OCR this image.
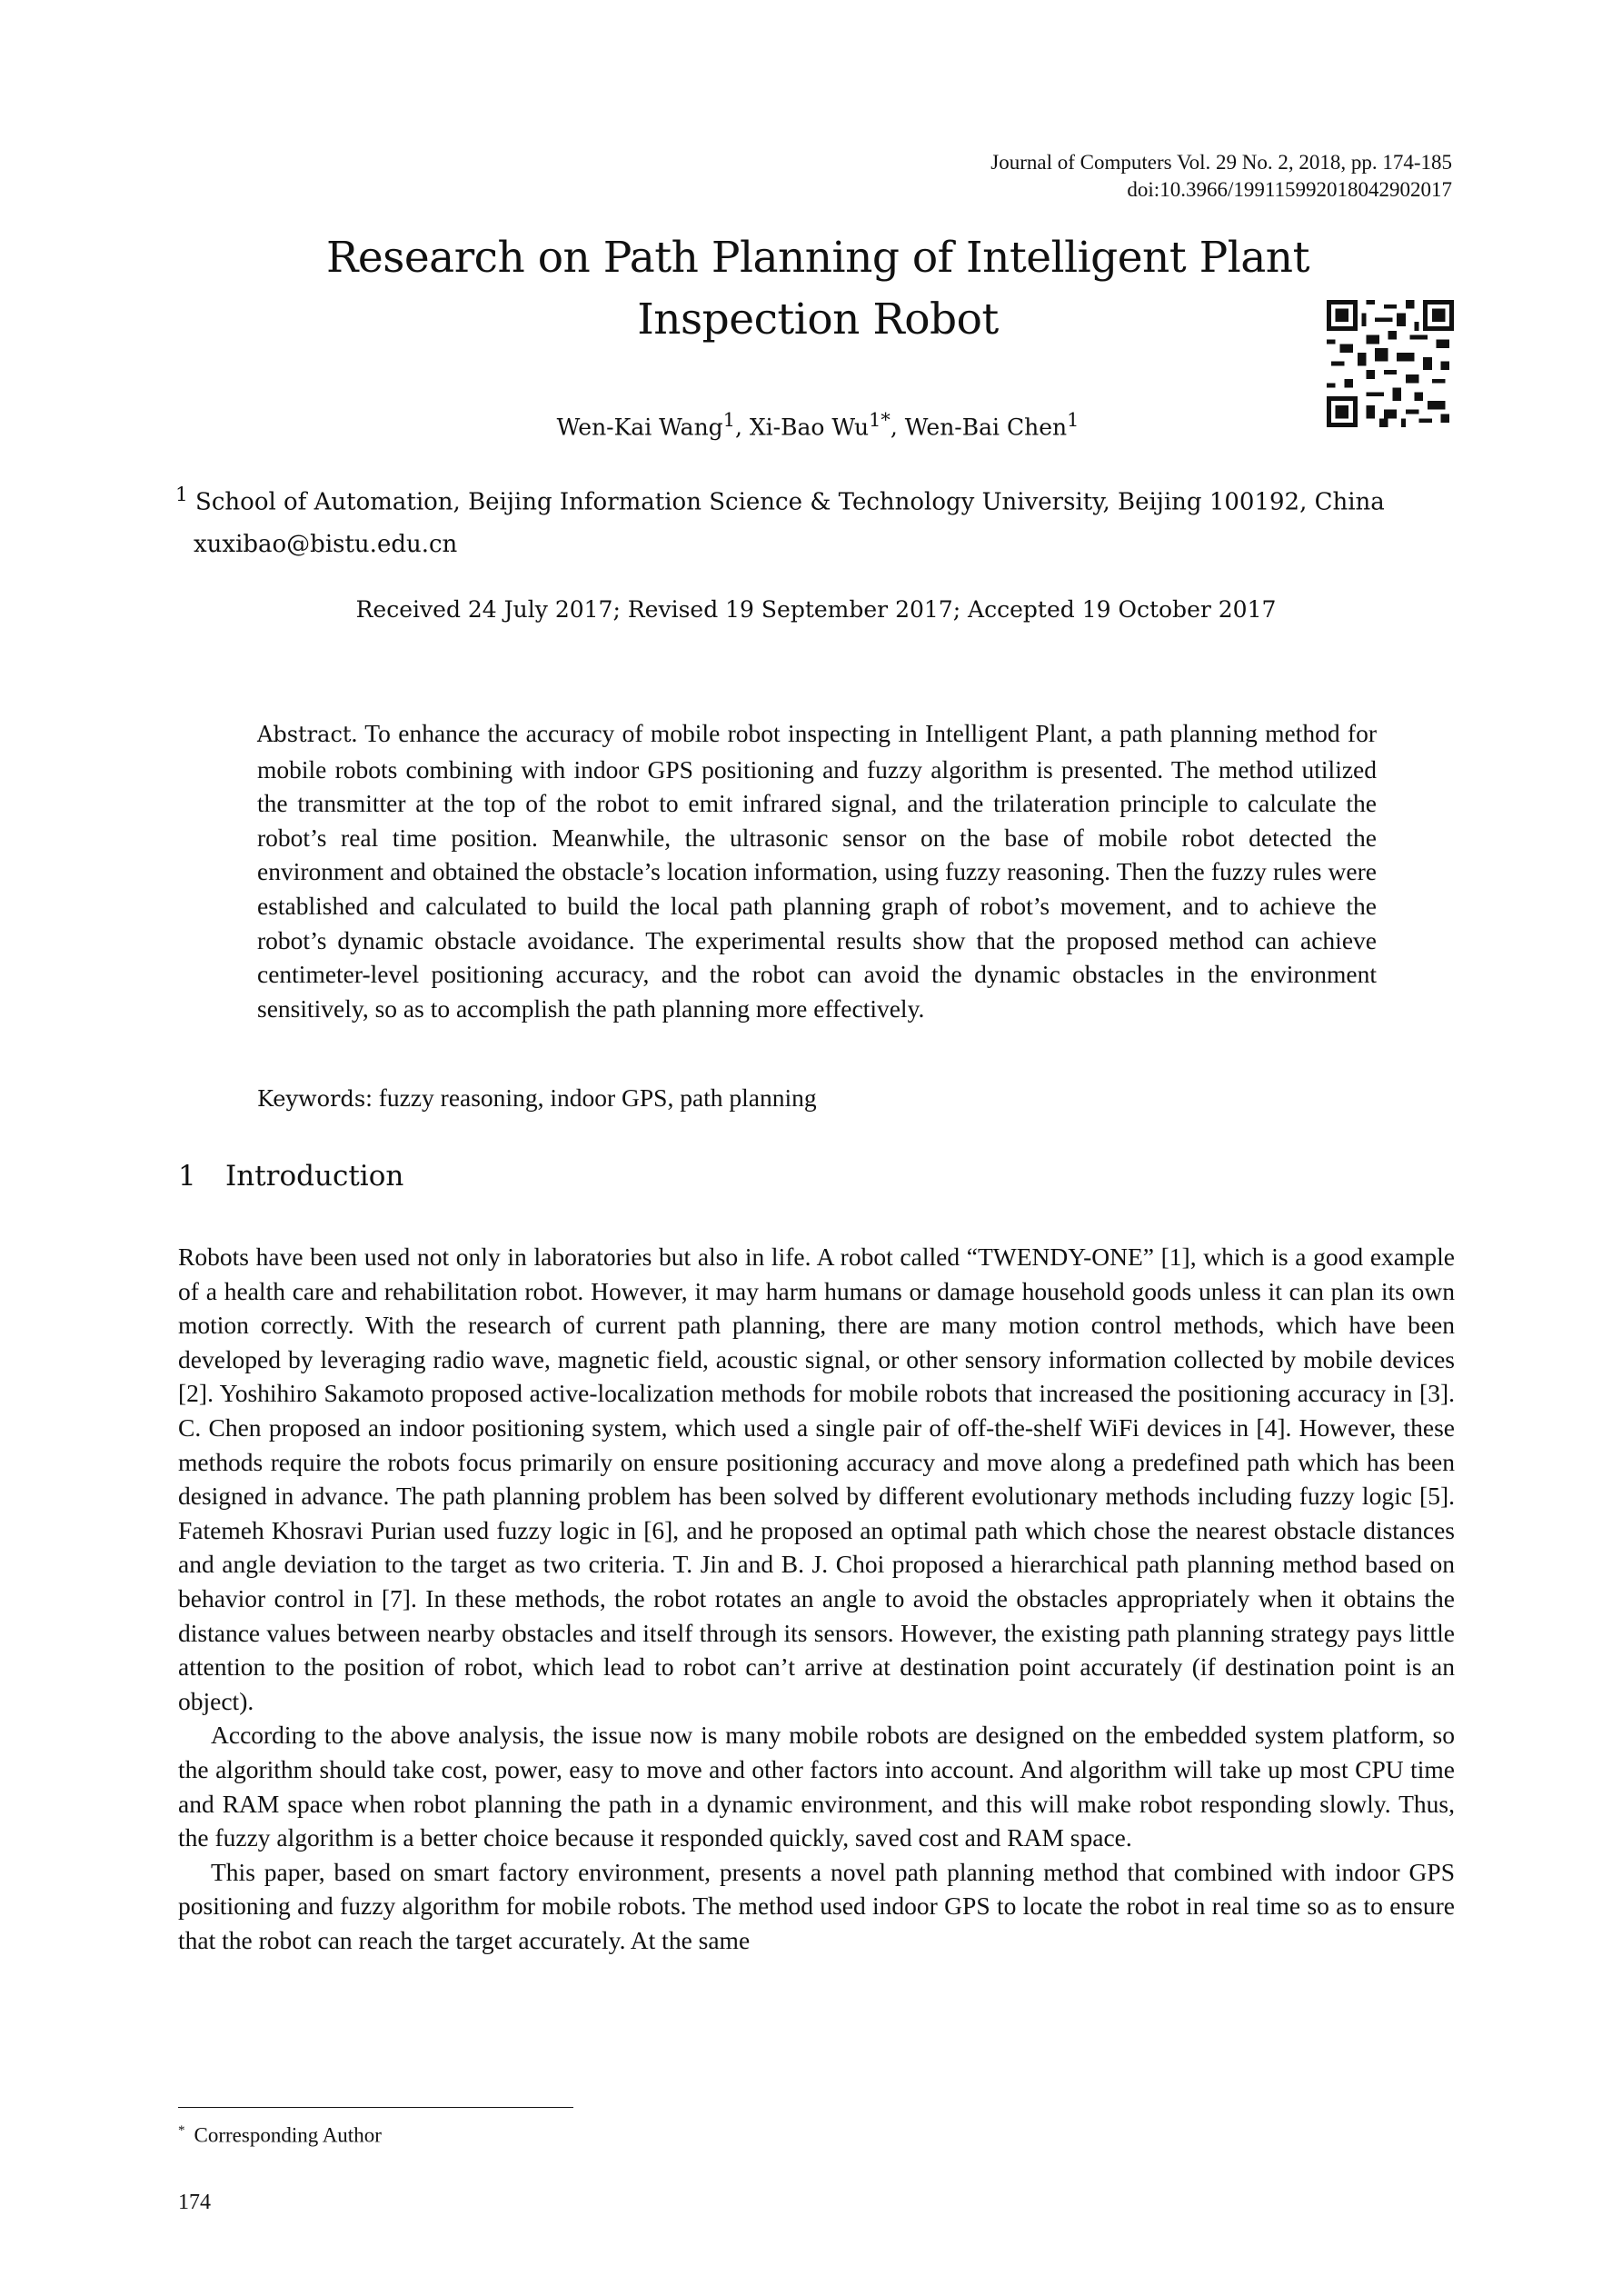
Journal of Computers Vol. 29 No. 2, 2018, pp. 174-185
doi:10.3966/199115992018042902017
Research on Path Planning of Intelligent Plant
Inspection Robot
Wen-Kai Wang$^1$, Xi-Bao $Wu^{1*}$, Wen-Bai Chen$^1$
$^1$ School of Automation, Beijing Information Science & Technology University, Beijing 100192, China
xuxibao@bistu.edu.cn
Received 24 July 2017; Revised 19 September 2017; Accepted 19 October 2017
Abstract. To enhance the accuracy of mobile robot inspecting in Intelligent Plant, a path planning method for mobile robots combining with indoor GPS positioning and fuzzy algorithm is presented. The method utilized the transmitter at the top of the robot to emit infrared signal, and the trilateration principle to calculate the robot’s real time position. Meanwhile, the ultrasonic sensor on the base of mobile robot detected the environment and obtained the obstacle’s location information, using fuzzy reasoning. Then the fuzzy rules were established and calculated to build the local path planning graph of robot’s movement, and to achieve the robot’s dynamic obstacle avoidance. The experimental results show that the proposed method can achieve centimeter-level positioning accuracy, and the robot can avoid the dynamic obstacles in the environment sensitively, so as to accomplish the path planning more effectively.
Keywords: fuzzy reasoning, indoor GPS, path planning
1 Introduction

Robots have been used not only in laboratories but also in life. A robot called “TWENDY-ONE” [1], which is a good example of a health care and rehabilitation robot. However, it may harm humans or damage household goods unless it can plan its own motion correctly. With the research of current path planning, there are many motion control methods, which have been developed by leveraging radio wave, magnetic field, acoustic signal, or other sensory information collected by mobile devices [2]. Yoshihiro Sakamoto proposed active-localization methods for mobile robots that increased the positioning accuracy in [3]. C. Chen proposed an indoor positioning system, which used a single pair of off-the-shelf WiFi devices in [4]. However, these methods require the robots focus primarily on ensure positioning accuracy and move along a predefined path which has been designed in advance. The path planning problem has been solved by different evolutionary methods including fuzzy logic [5]. Fatemeh Khosravi Purian used fuzzy logic in [6], and he proposed an optimal path which chose the nearest obstacle distances and angle deviation to the target as two criteria. T. Jin and B. J. Choi proposed a hierarchical path planning method based on behavior control in [7]. In these methods, the robot rotates an angle to avoid the obstacles appropriately when it obtains the distance values between nearby obstacles and itself through its sensors. However, the existing path planning strategy pays little attention to the position of robot, which lead to robot can’t arrive at destination point accurately (if destination point is an object).

According to the above analysis, the issue now is many mobile robots are designed on the embedded system platform, so the algorithm should take cost, power, easy to move and other factors into account. And algorithm will take up most CPU time and RAM space when robot planning the path in a dynamic environment, and this will make robot responding slowly. Thus, the fuzzy algorithm is a better choice because it responded quickly, saved cost and RAM space.

This paper, based on smart factory environment, presents a novel path planning method that combined with indoor GPS positioning and fuzzy algorithm for mobile robots. The method used indoor GPS to locate the robot in real time so as to ensure that the robot can reach the target accurately. At the same

* Corresponding Author
174
